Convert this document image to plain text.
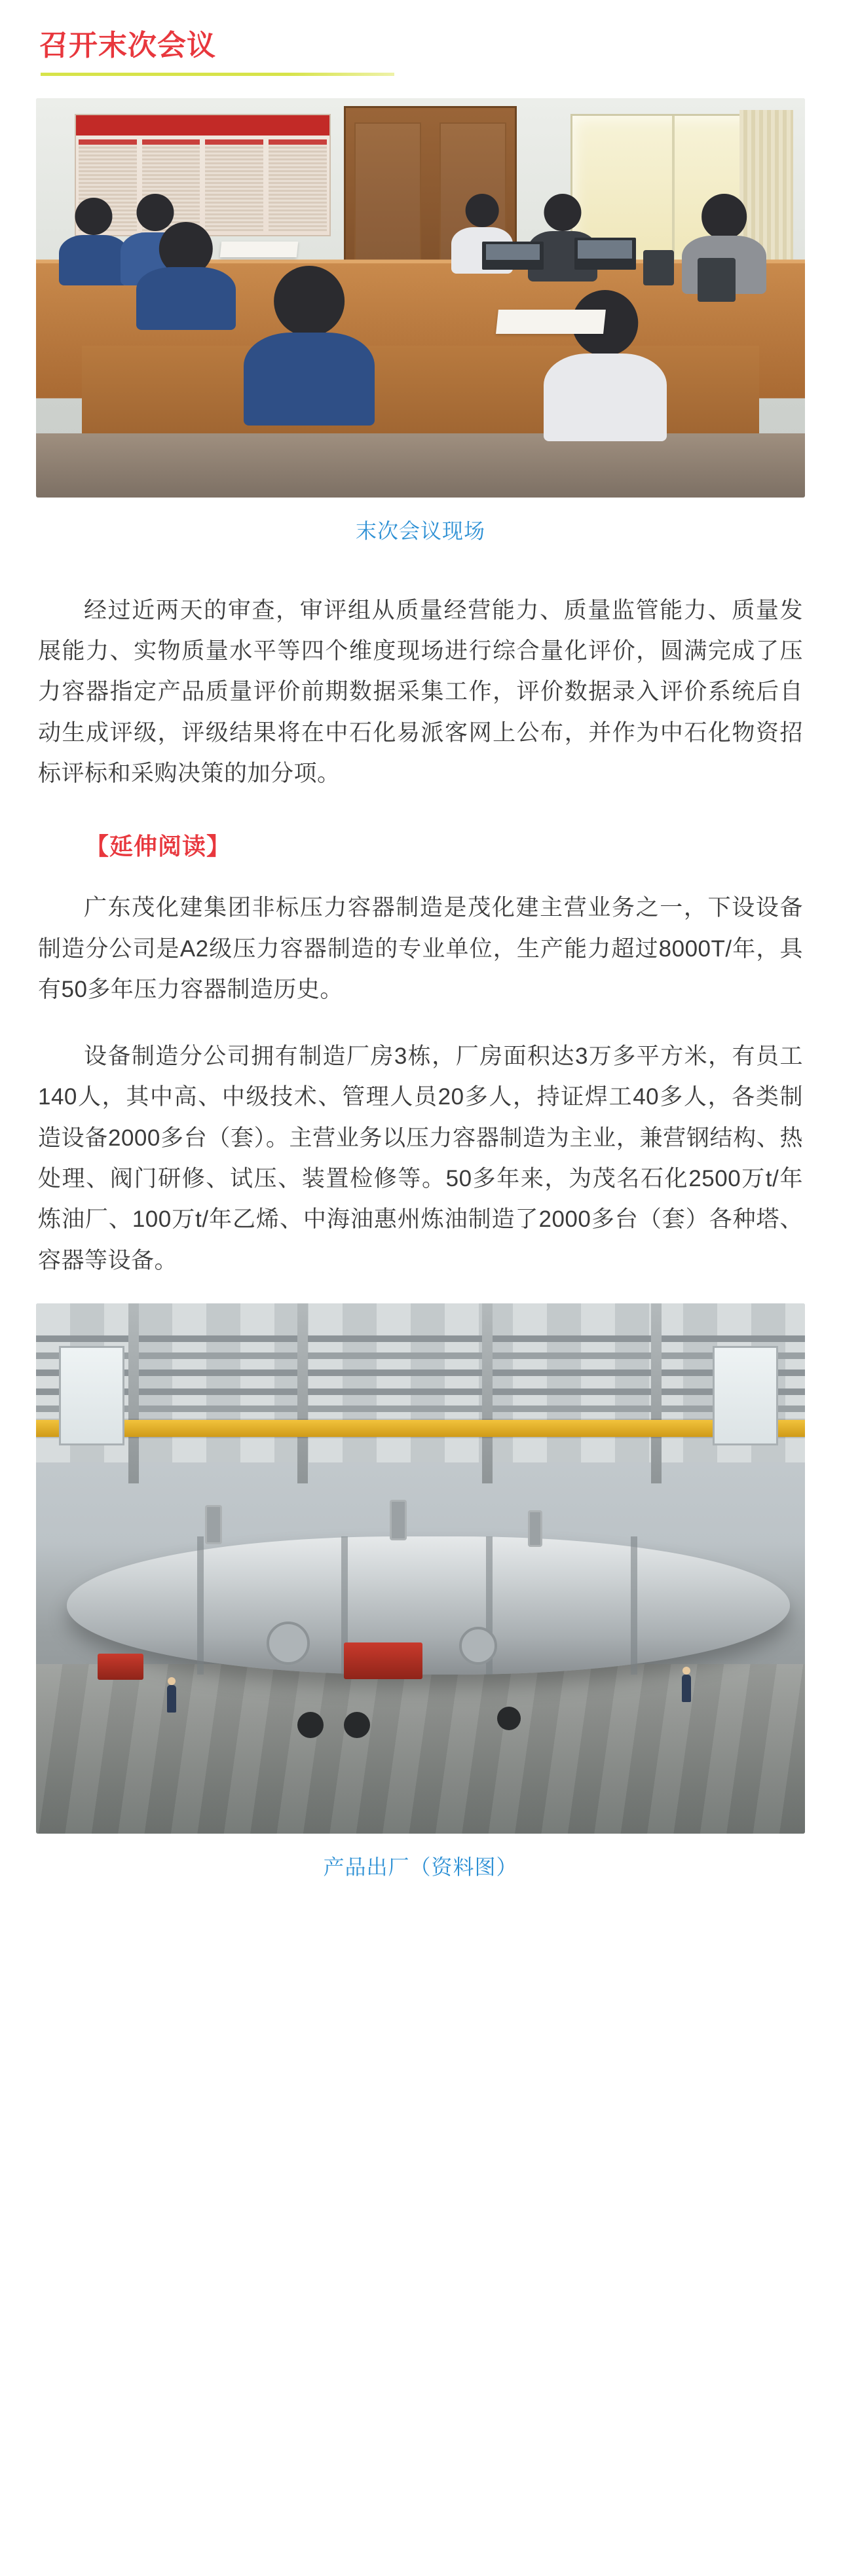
召开末次会议
末次会议现场

经过近两天的审查，审评组从质量经营能力、质量监管能力、质量发展能力、实物质量水平等四个维度现场进行综合量化评价，圆满完成了压力容器指定产品质量评价前期数据采集工作，评价数据录入评价系统后自动生成评级，评级结果将在中石化易派客网上公布，并作为中石化物资招标评标和采购决策的加分项。

【延伸阅读】

广东茂化建集团非标压力容器制造是茂化建主营业务之一，下设设备制造分公司是A2级压力容器制造的专业单位，生产能力超过8000T/年，具有50多年压力容器制造历史。

设备制造分公司拥有制造厂房3栋，厂房面积达3万多平方米，有员工140人，其中高、中级技术、管理人员20多人，持证焊工40多人，各类制造设备2000多台（套）。主营业务以压力容器制造为主业，兼营钢结构、热处理、阀门研修、试压、装置检修等。50多年来，为茂名石化2500万t/年炼油厂、100万t/年乙烯、中海油惠州炼油制造了2000多台（套）各种塔、容器等设备。

产品出厂（资料图）
